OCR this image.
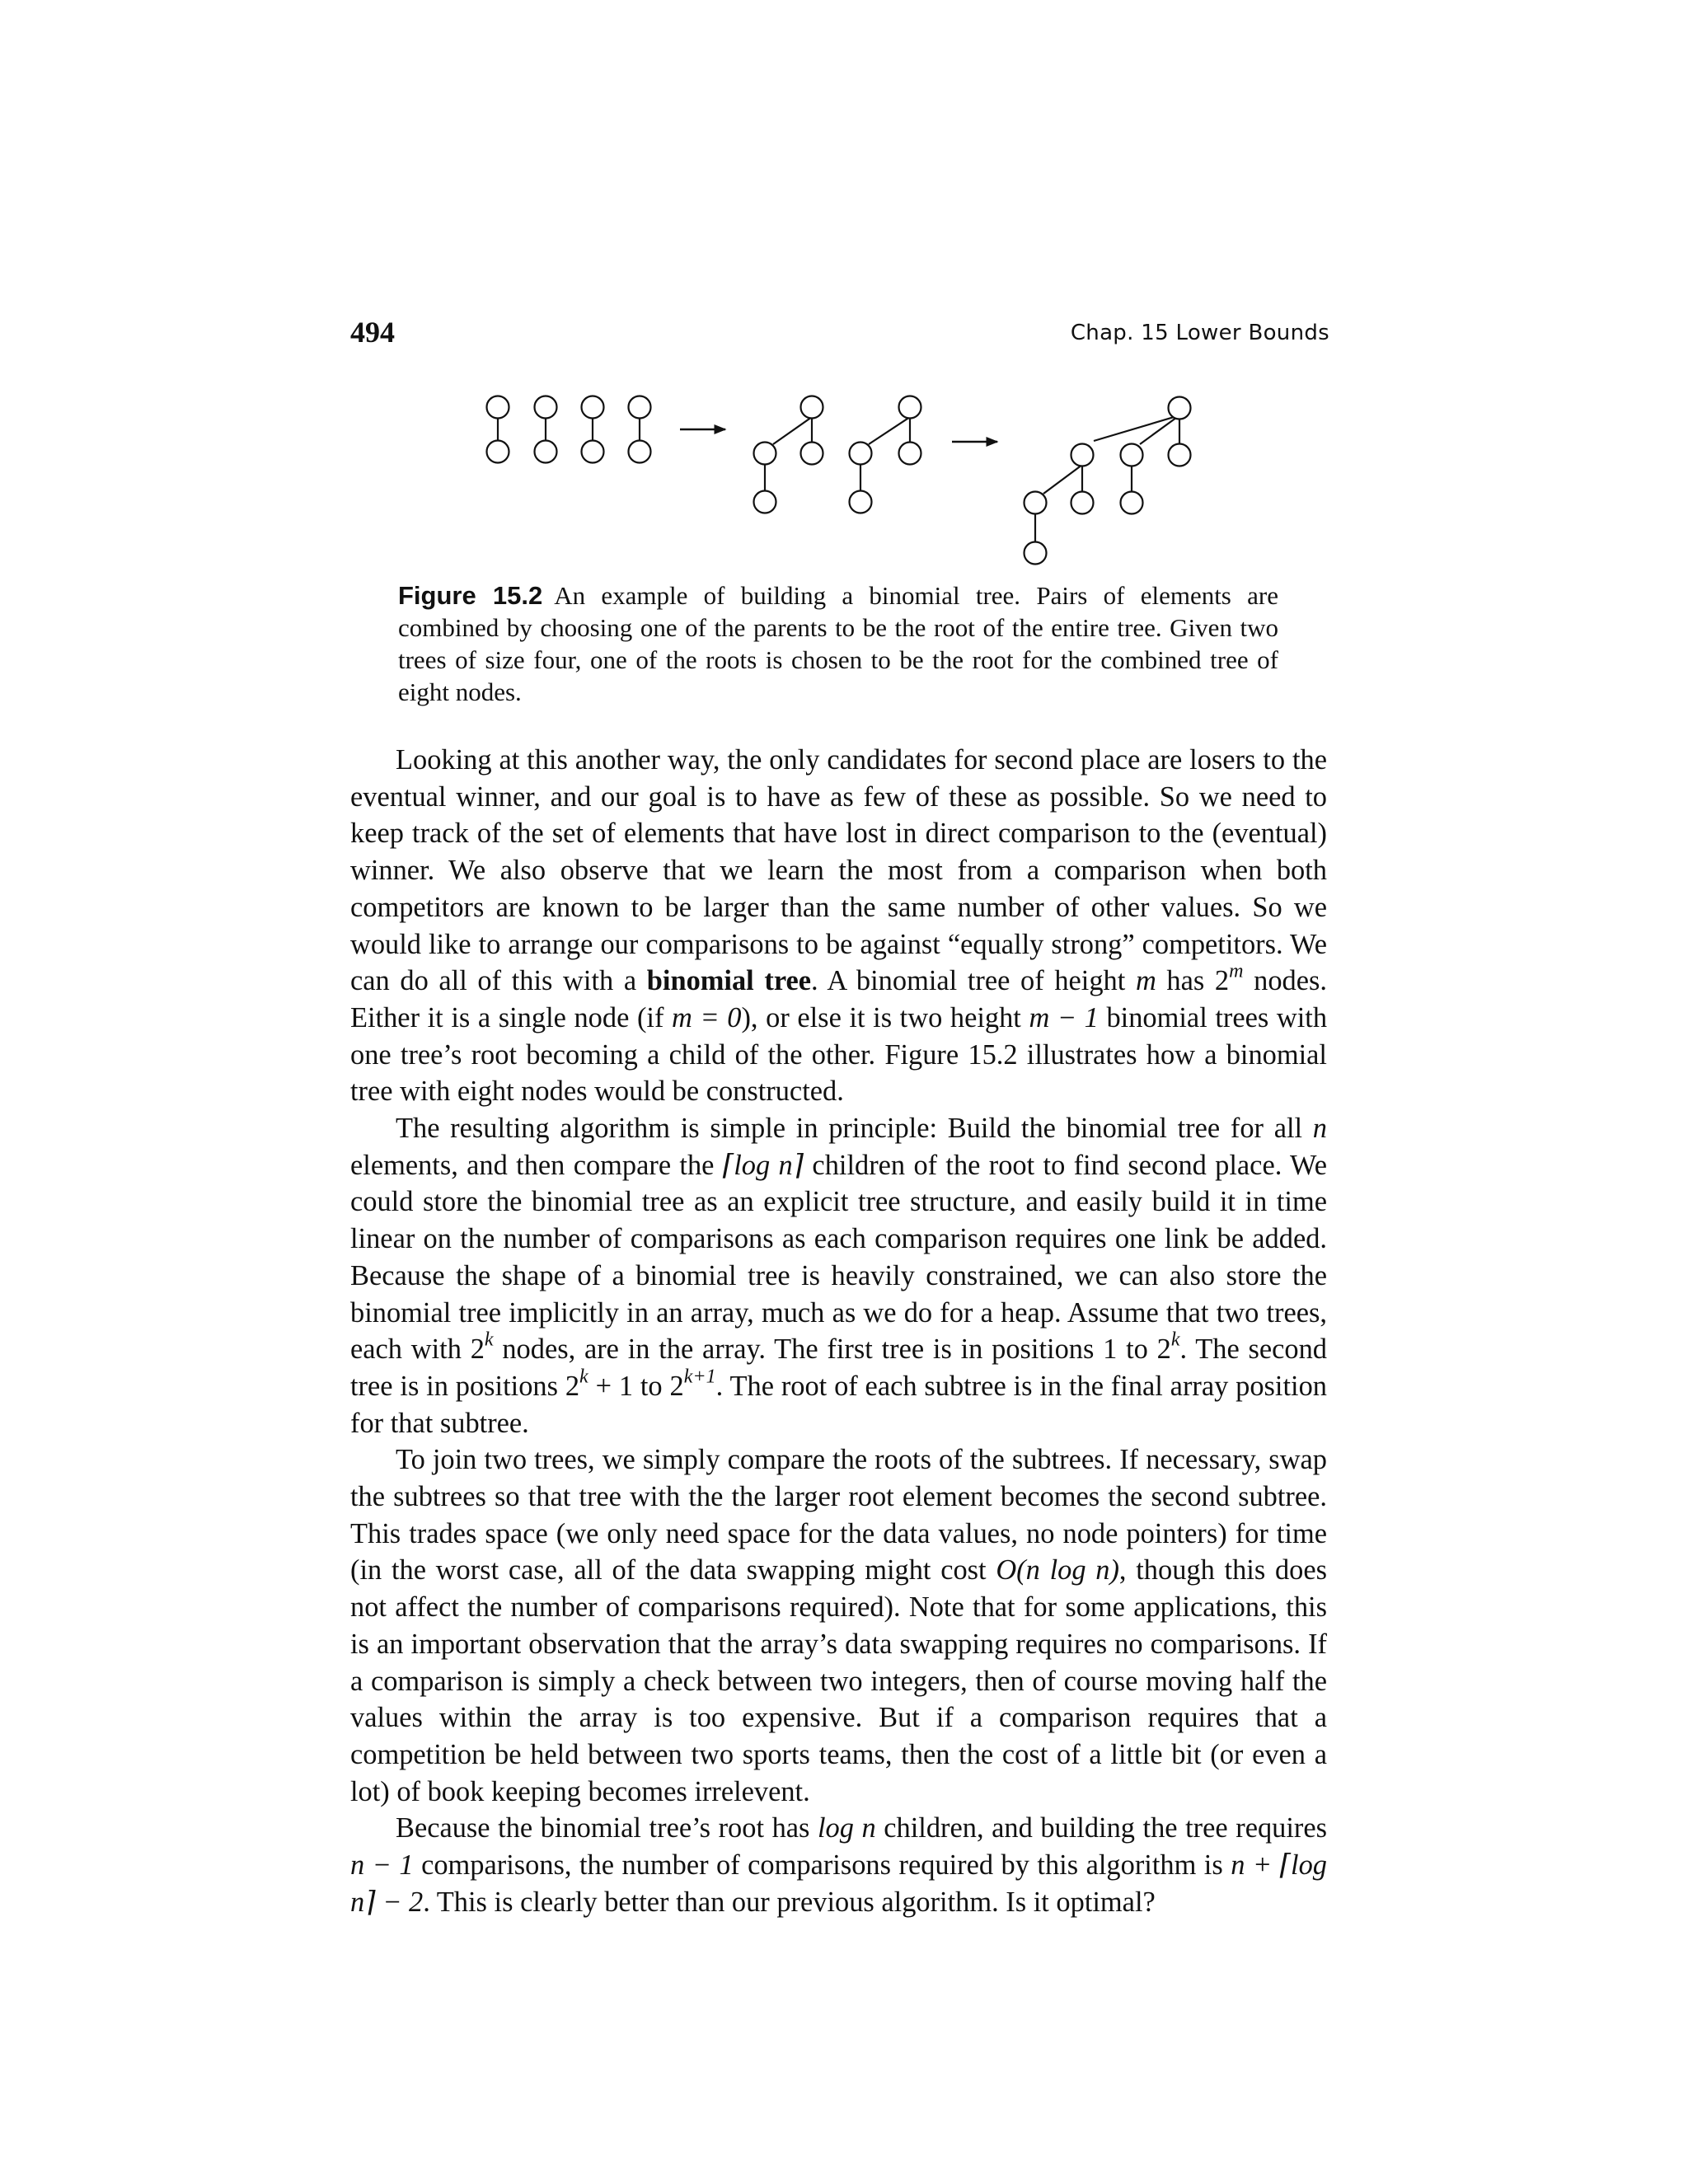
494	Chap. 15 Lower Bounds
Figure 15.2 An example of building a binomial tree. Pairs of elements are combined by choosing one of the parents to be the root of the entire tree. Given two trees of size four, one of the roots is chosen to be the root for the combined tree of eight nodes.

Looking at this another way, the only candidates for second place are losers to the eventual winner, and our goal is to have as few of these as possible. So we need to keep track of the set of elements that have lost in direct comparison to the (eventual) winner. We also observe that we learn the most from a comparison when both competitors are known to be larger than the same number of other values. So we would like to arrange our comparisons to be against “equally strong” competitors. We can do all of this with a binomial tree. A binomial tree of height m has 2$^m$ nodes. Either it is a single node (if m = 0), or else it is two height m − 1 binomial trees with one tree’s root becoming a child of the other. Figure 15.2 illustrates how a binomial tree with eight nodes would be constructed.

The resulting algorithm is simple in principle: Build the binomial tree for all n elements, and then compare the ⌈log n⌉ children of the root to find second place. We could store the binomial tree as an explicit tree structure, and easily build it in time linear on the number of comparisons as each comparison requires one link be added. Because the shape of a binomial tree is heavily constrained, we can also store the binomial tree implicitly in an array, much as we do for a heap. Assume that two trees, each with 2$^k$ nodes, are in the array. The first tree is in positions 1 to 2$^k$. The second tree is in positions $2^k + 1$ to $2^{k+1}$. The root of each subtree is in the final array position for that subtree.

To join two trees, we simply compare the roots of the subtrees. If necessary, swap the subtrees so that tree with the the larger root element becomes the second subtree. This trades space (we only need space for the data values, no node pointers) for time (in the worst case, all of the data swapping might cost O(n log n), though this does not affect the number of comparisons required). Note that for some applications, this is an important observation that the array’s data swapping requires no comparisons. If a comparison is simply a check between two integers, then of course moving half the values within the array is too expensive. But if a comparison requires that a competition be held between two sports teams, then the cost of a little bit (or even a lot) of book keeping becomes irrelevent.

Because the binomial tree’s root has log n children, and building the tree requires n − 1 comparisons, the number of comparisons required by this algorithm is n + ⌈log n⌉ − 2. This is clearly better than our previous algorithm. Is it optimal?
